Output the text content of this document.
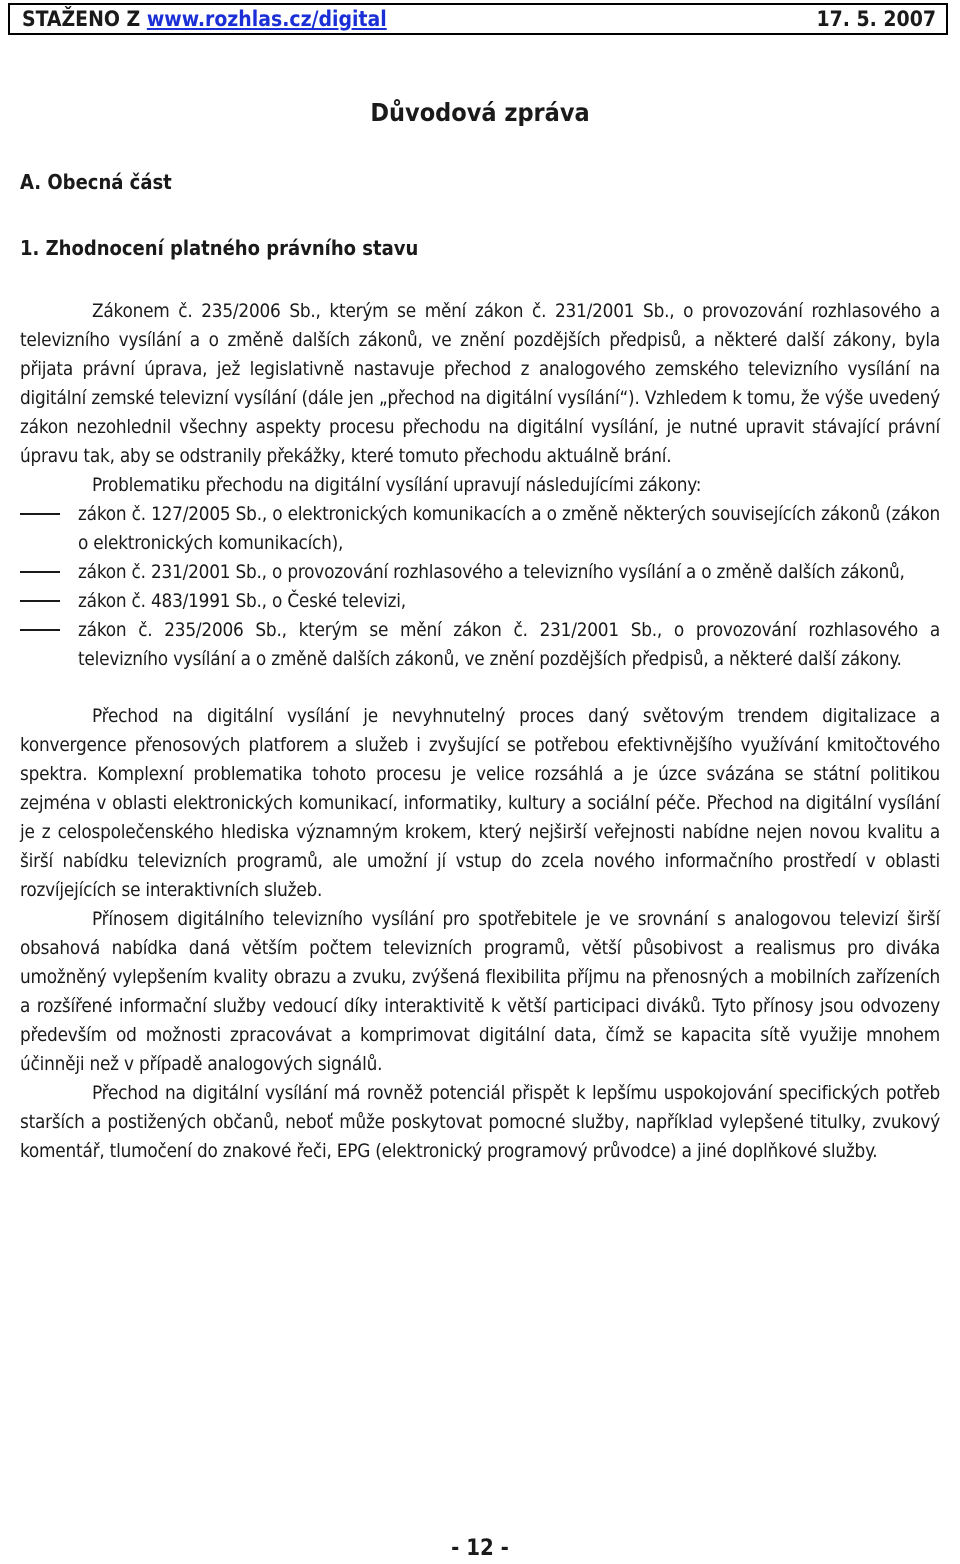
STAŽENO Z www.rozhlas.cz/digital	17. 5. 2007
Důvodová zpráva
A. Obecná část
1. Zhodnocení platného právního stavu

Zákonem č. 235/2006 Sb., kterým se mění zákon č. 231/2001 Sb., o provozování rozhlasového a televizního vysílání a o změně dalších zákonů, ve znění pozdějších předpisů, a některé další zákony, byla přijata právní úprava, jež legislativně nastavuje přechod z analogového zemského televizního vysílání na digitální zemské televizní vysílání (dále jen „přechod na digitální vysílání“). Vzhledem k tomu, že výše uvedený zákon nezohlednil všechny aspekty procesu přechodu na digitální vysílání, je nutné upravit stávající právní úpravu tak, aby se odstranily překážky, které tomuto přechodu aktuálně brání.

Problematiku přechodu na digitální vysílání upravují následujícími zákony:

zákon č. 127/2005 Sb., o elektronických komunikacích a o změně některých souvisejících zákonů (zákon o elektronických komunikacích),
zákon č. 231/2001 Sb., o provozování rozhlasového a televizního vysílání a o změně dalších zákonů,
zákon č. 483/1991 Sb., o České televizi,
zákon č. 235/2006 Sb., kterým se mění zákon č. 231/2001 Sb., o provozování rozhlasového a televizního vysílání a o změně dalších zákonů, ve znění pozdějších předpisů, a některé další zákony.

Přechod na digitální vysílání je nevyhnutelný proces daný světovým trendem digitalizace a konvergence přenosových platforem a služeb i zvyšující se potřebou efektivnějšího využívání kmitočtového spektra. Komplexní problematika tohoto procesu je velice rozsáhlá a je úzce svázána se státní politikou zejména v oblasti elektronických komunikací, informatiky, kultury a sociální péče. Přechod na digitální vysílání je z celospolečenského hlediska významným krokem, který nejširší veřejnosti nabídne nejen novou kvalitu a širší nabídku televizních programů, ale umožní jí vstup do zcela nového informačního prostředí v oblasti rozvíjejících se interaktivních služeb.

Přínosem digitálního televizního vysílání pro spotřebitele je ve srovnání s analogovou televizí širší obsahová nabídka daná větším počtem televizních programů, větší působivost a realismus pro diváka umožněný vylepšením kvality obrazu a zvuku, zvýšená flexibilita příjmu na přenosných a mobilních zařízeních a rozšířené informační služby vedoucí díky interaktivitě k větší participaci diváků. Tyto přínosy jsou odvozeny především od možnosti zpracovávat a komprimovat digitální data, čímž se kapacita sítě využije mnohem účinněji než v případě analogových signálů.

Přechod na digitální vysílání má rovněž potenciál přispět k lepšímu uspokojování specifických potřeb starších a postižených občanů, neboť může poskytovat pomocné služby, například vylepšené titulky, zvukový komentář, tlumočení do znakové řeči, EPG (elektronický programový průvodce) a jiné doplňkové služby.

- 12 -
